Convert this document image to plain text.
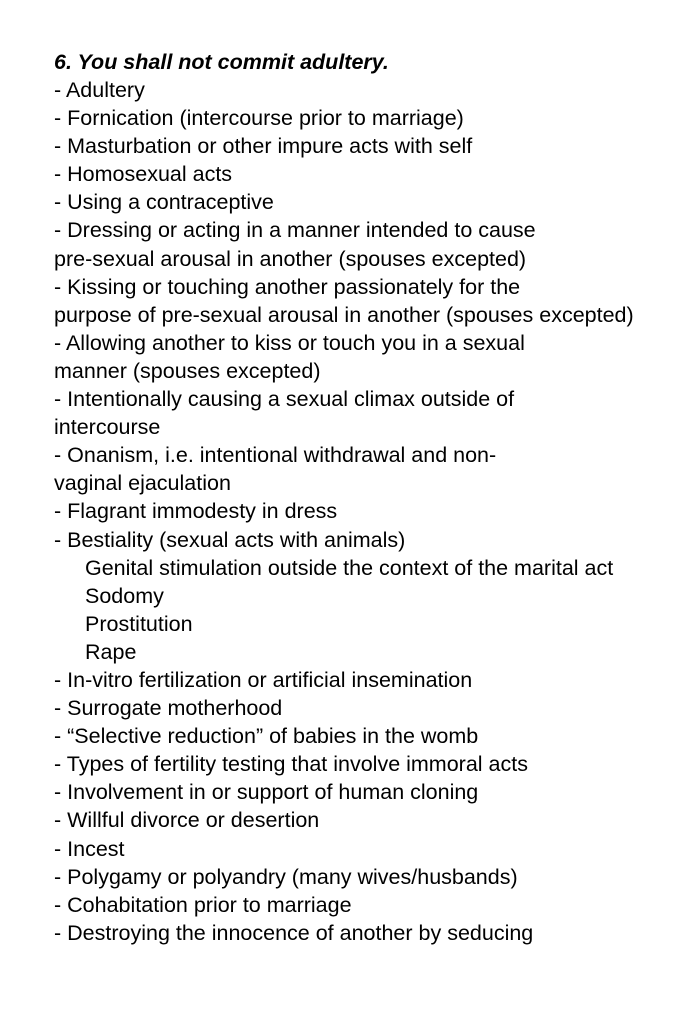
6. You shall not commit adultery.
- Adultery
- Fornication (intercourse prior to marriage)
- Masturbation or other impure acts with self
- Homosexual acts
- Using a contraceptive
- Dressing or acting in a manner intended to cause
pre-sexual arousal in another (spouses excepted)
- Kissing or touching another passionately for the
purpose of pre-sexual arousal in another (spouses excepted)
- Allowing another to kiss or touch you in a sexual
manner (spouses excepted)
- Intentionally causing a sexual climax outside of
intercourse
- Onanism, i.e. intentional withdrawal and non-
vaginal ejaculation
- Flagrant immodesty in dress
- Bestiality (sexual acts with animals)
Genital stimulation outside the context of the marital act
Sodomy
Prostitution
Rape
- In-vitro fertilization or artificial insemination
- Surrogate motherhood
- “Selective reduction” of babies in the womb
- Types of fertility testing that involve immoral acts
- Involvement in or support of human cloning
- Willful divorce or desertion
- Incest
- Polygamy or polyandry (many wives/husbands)
- Cohabitation prior to marriage
- Destroying the innocence of another by seducing
